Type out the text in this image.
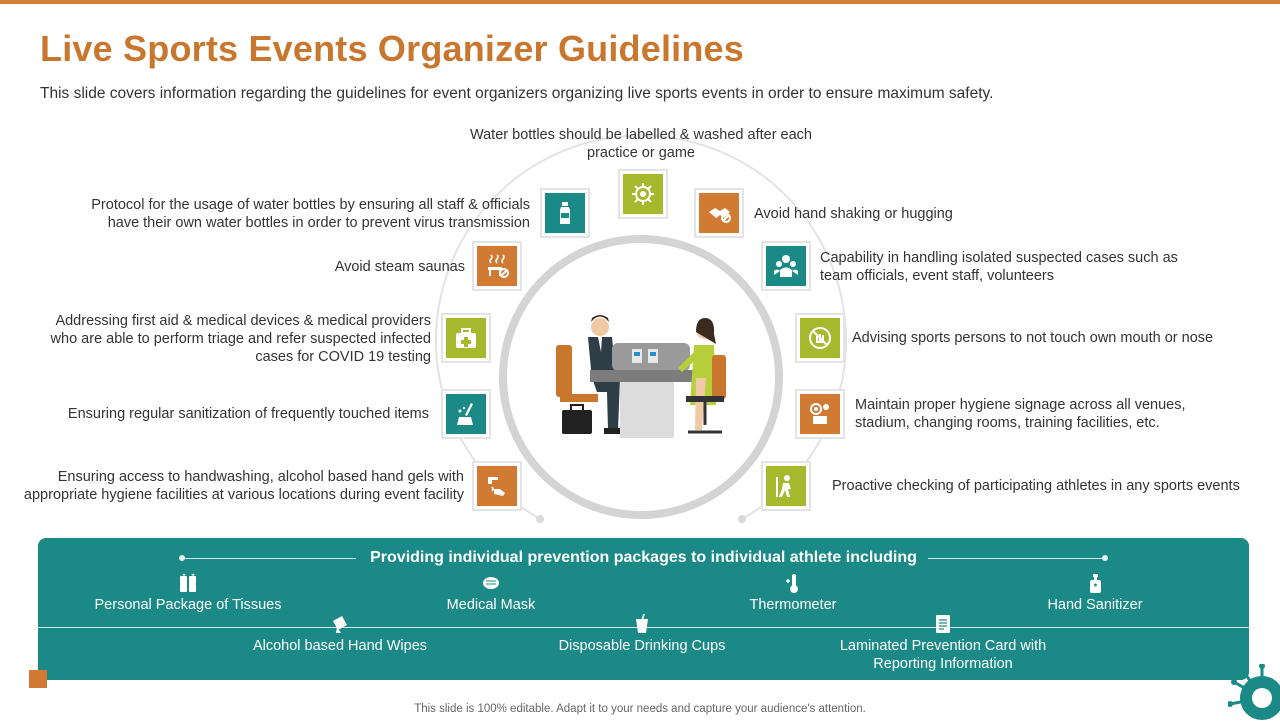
Live Sports Events Organizer Guidelines
This slide covers information regarding the guidelines for event organizers organizing live sports events in order to ensure maximum safety.
Water bottles should be labelled & washed after each practice or game
Protocol for the usage of water bottles by ensuring all staff & officials have their own water bottles in order to prevent virus transmission
Avoid steam saunas
Addressing first aid & medical devices & medical providers who are able to perform triage and refer suspected infected cases for COVID 19 testing
Ensuring regular sanitization of frequently touched items
Ensuring access to handwashing, alcohol based hand gels with appropriate hygiene facilities at various locations during event facility
Avoid hand shaking or hugging
Capability in handling isolated suspected cases such as team officials, event staff, volunteers
Advising sports persons to not touch own mouth or nose
Maintain proper hygiene signage across all venues, stadium, changing rooms, training facilities, etc.
Proactive checking of participating athletes in any sports events
Providing individual prevention packages to individual athlete including
Personal Package of Tissues	Medical Mask	Thermometer	Hand Sanitizer
Alcohol based Hand Wipes	Disposable Drinking Cups	Laminated Prevention Card with Reporting Information
This slide is 100% editable. Adapt it to your needs and capture your audience's attention.
